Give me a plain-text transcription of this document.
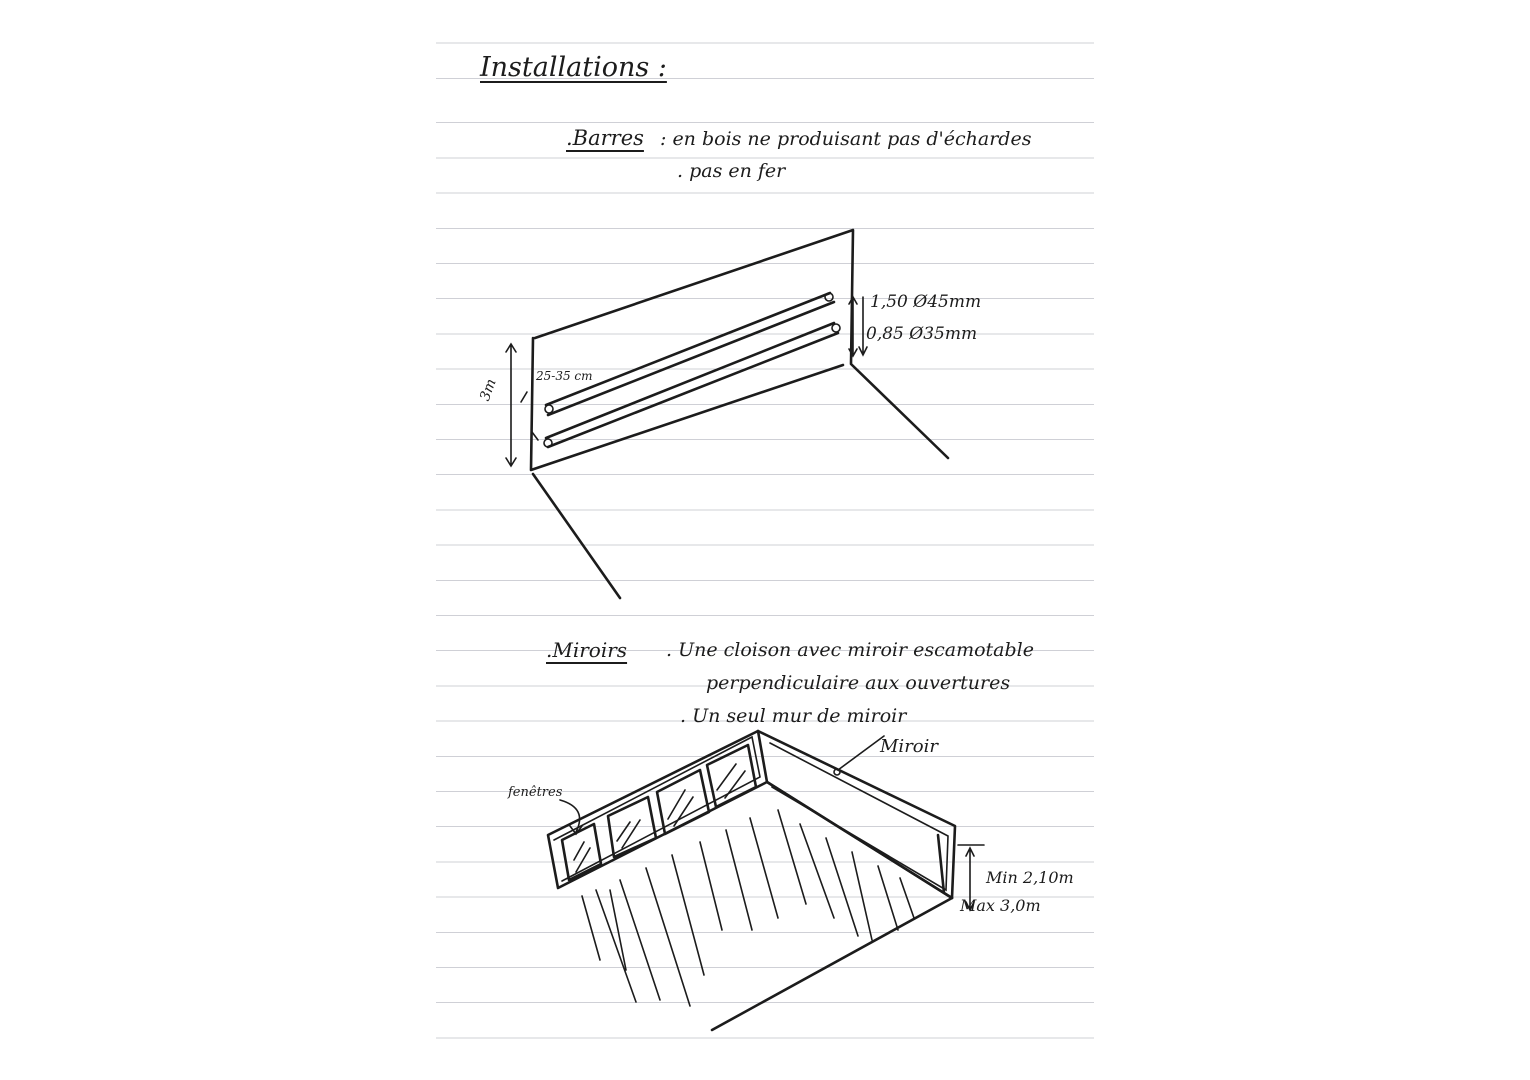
Installations :

.Barres : en bois ne produisant pas d'échardes

. pas en fer

3m

25-35 cm

1,50 Ø45mm

0,85 Ø35mm

.Miroirs . Une cloison avec miroir escamotable

perpendiculaire aux ouvertures

. Un seul mur de miroir

fenêtres

Miroir

Min 2,10m

Max 3,0m
